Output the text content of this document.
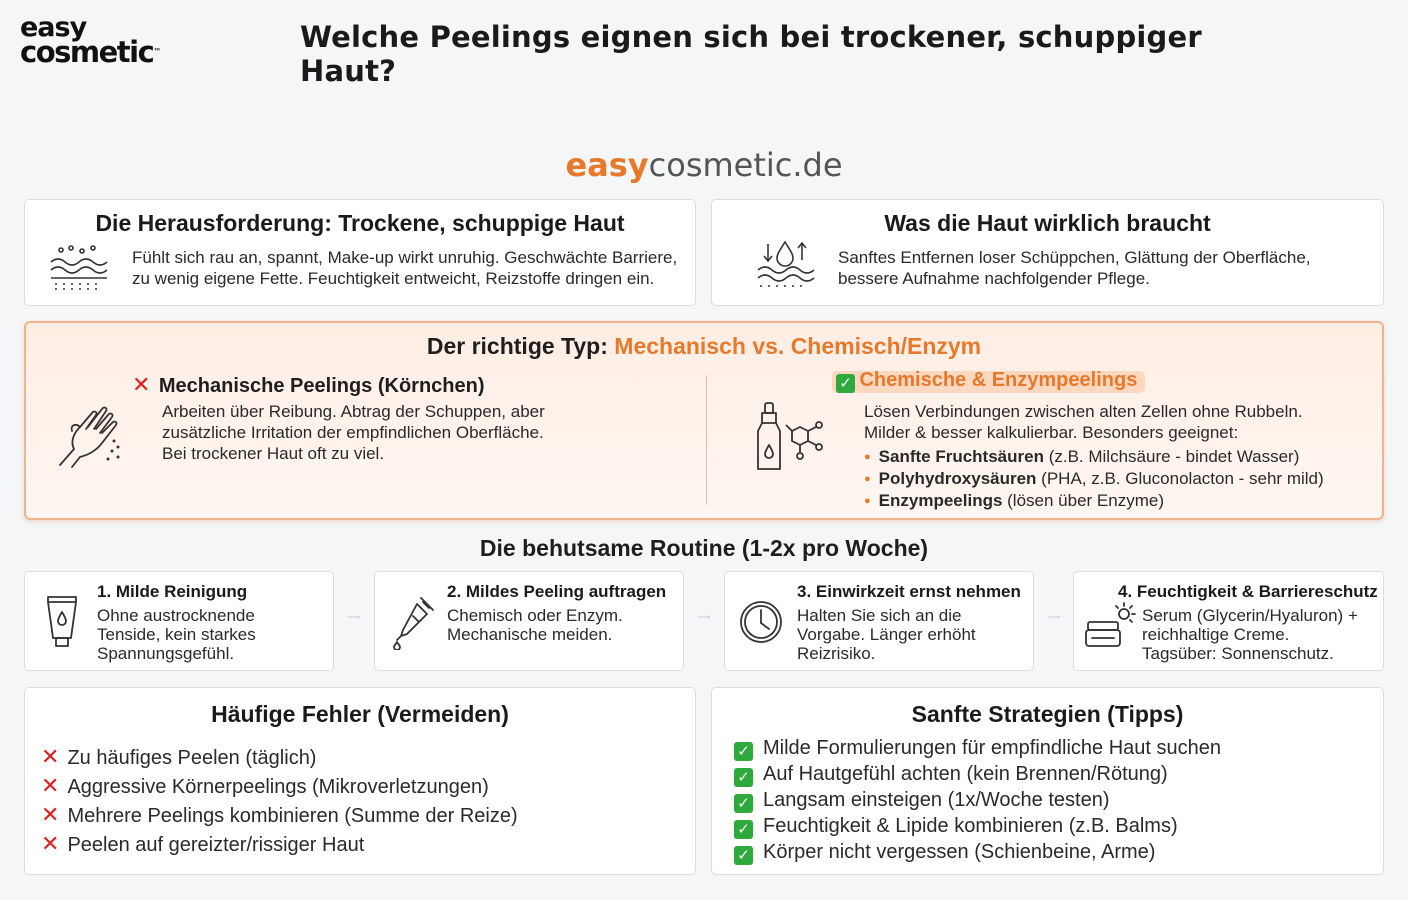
easy
cosmetic™	Welche Peelings eignen sich bei trockener, schuppiger Haut?
easycosmetic.de
Die Herausforderung: Trockene, schuppige Haut

Fühlt sich rau an, spannt, Make-up wirkt unruhig. Geschwächte Barriere,

zu wenig eigene Fette. Feuchtigkeit entweicht, Reizstoffe dringen ein.

Was die Haut wirklich braucht

Sanftes Entfernen loser Schüppchen, Glättung der Oberfläche,

bessere Aufnahme nachfolgender Pflege.

Der richtige Typ: Mechanisch vs. Chemisch/Enzym
✕ Mechanische Peelings (Körnchen)

Arbeiten über Reibung. Abtrag der Schuppen, aber

zusätzliche Irritation der empfindlichen Oberfläche.

Bei trockener Haut oft zu viel.

✓ Chemische & Enzympeelings

Lösen Verbindungen zwischen alten Zellen ohne Rubbeln.

Milder & besser kalkulierbar. Besonders geeignet:

● Sanfte Fruchtsäuren (z.B. Milchsäure - bindet Wasser)
● Polyhydroxysäuren (PHA, z.B. Gluconolacton - sehr mild)
● Enzympeelings (lösen über Enzyme)
Die behutsame Routine (1-2x pro Woche)
1. Milde Reinigung

Ohne austrocknende

Tenside, kein starkes

Spannungsgefühl.

2. Mildes Peeling auftragen

Chemisch oder Enzym.

Mechanische meiden.

3. Einwirkzeit ernst nehmen

Halten Sie sich an die

Vorgabe. Länger erhöht

Reizrisiko.

4. Feuchtigkeit & Barriereschutz

Serum (Glycerin/Hyaluron) +

reichhaltige Creme.

Tagsüber: Sonnenschutz.

Häufige Fehler (Vermeiden)
✕ Zu häufiges Peelen (täglich)
✕ Aggressive Körnerpeelings (Mikroverletzungen)
✕ Mehrere Peelings kombinieren (Summe der Reize)
✕ Peelen auf gereizter/rissiger Haut
Sanfte Strategien (Tipps)
✓ Milde Formulierungen für empfindliche Haut suchen
✓ Auf Hautgefühl achten (kein Brennen/Rötung)
✓ Langsam einsteigen (1x/Woche testen)
✓ Feuchtigkeit & Lipide kombinieren (z.B. Balms)
✓ Körper nicht vergessen (Schienbeine, Arme)
